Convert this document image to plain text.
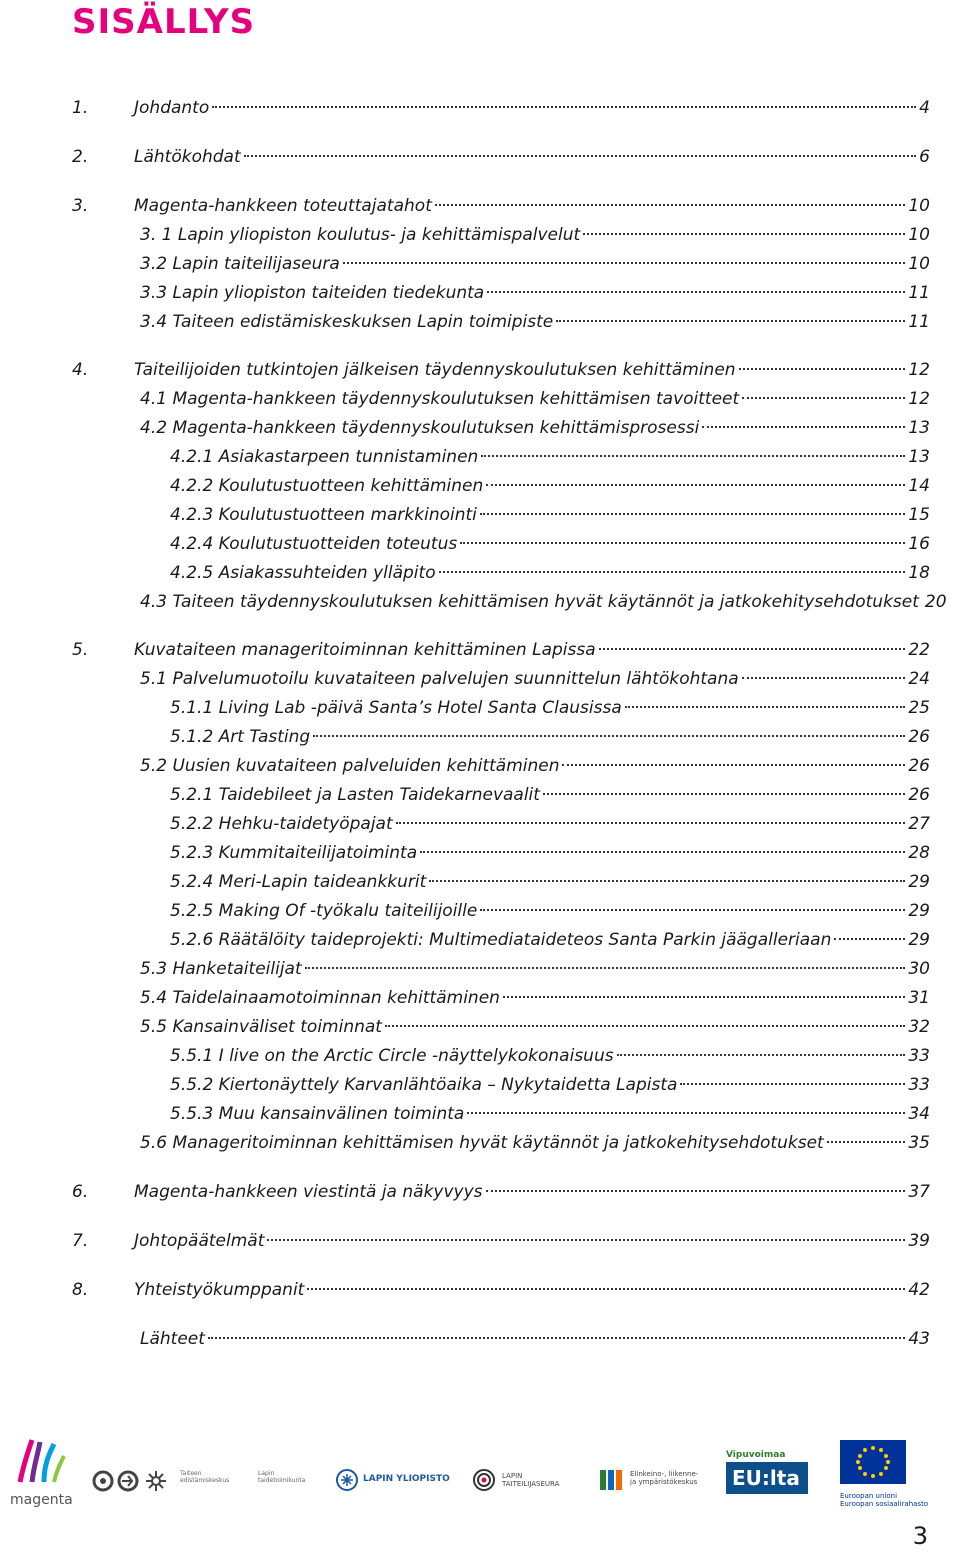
SISÄLLYS
1.	Johdanto	4
2.	Lähtökohdat	6
3.	Magenta-hankkeen toteuttajatahot	10
3. 1 Lapin yliopiston koulutus- ja kehittämispalvelut	10
3.2 Lapin taiteilijaseura	10
3.3 Lapin yliopiston taiteiden tiedekunta	11
3.4 Taiteen edistämiskeskuksen Lapin toimipiste	11
4.	Taiteilijoiden tutkintojen jälkeisen täydennyskoulutuksen kehittäminen	12
4.1 Magenta-hankkeen täydennyskoulutuksen kehittämisen tavoitteet	12
4.2 Magenta-hankkeen täydennyskoulutuksen kehittämisprosessi	13
4.2.1 Asiakastarpeen tunnistaminen	13
4.2.2 Koulutustuotteen kehittäminen	14
4.2.3 Koulutustuotteen markkinointi	15
4.2.4 Koulutustuotteiden toteutus	16
4.2.5 Asiakassuhteiden ylläpito	18
4.3 Taiteen täydennyskoulutuksen kehittämisen hyvät käytännöt ja jatkokehitysehdotukset 20
5.	Kuvataiteen manageritoiminnan kehittäminen Lapissa	22
5.1 Palvelumuotoilu kuvataiteen palvelujen suunnittelun lähtökohtana	24
5.1.1 Living Lab -päivä Santa’s Hotel Santa Clausissa	25
5.1.2 Art Tasting	26
5.2 Uusien kuvataiteen palveluiden kehittäminen	26
5.2.1 Taidebileet ja Lasten Taidekarnevaalit	26
5.2.2 Hehku-taidetyöpajat	27
5.2.3 Kummitaiteilijatoiminta	28
5.2.4 Meri-Lapin taideankkurit	29
5.2.5 Making Of -työkalu taiteilijoille	29
5.2.6 Räätälöity taideprojekti: Multimediataideteos Santa Parkin jäägalleriaan	29
5.3 Hanketaiteilijat	30
5.4 Taidelainaamotoiminnan kehittäminen	31
5.5 Kansainväliset toiminnat	32
5.5.1 I live on the Arctic Circle -näyttelykokonaisuus	33
5.5.2 Kiertonäyttely Karvanlähtöaika – Nykytaidetta Lapista	33
5.5.3 Muu kansainvälinen toiminta	34
5.6 Manageritoiminnan kehittämisen hyvät käytännöt ja jatkokehitysehdotukset	35
6.	Magenta-hankkeen viestintä ja näkyvyys	37
7.	Johtopäätelmät	39
8.	Yhteistyökumppanit	42
Lähteet	43
magenta
Taiteen edistämiskeskus
Lapin taidetoimikunta	LAPIN YLIOPISTO	LAPIN TAITEILIJASEURA
Elinkeino-, liikenne- ja ympäristökeskus
Vipuvoimaa
EU:lta
Euroopan unioni
Euroopan sosiaalirahasto
3
